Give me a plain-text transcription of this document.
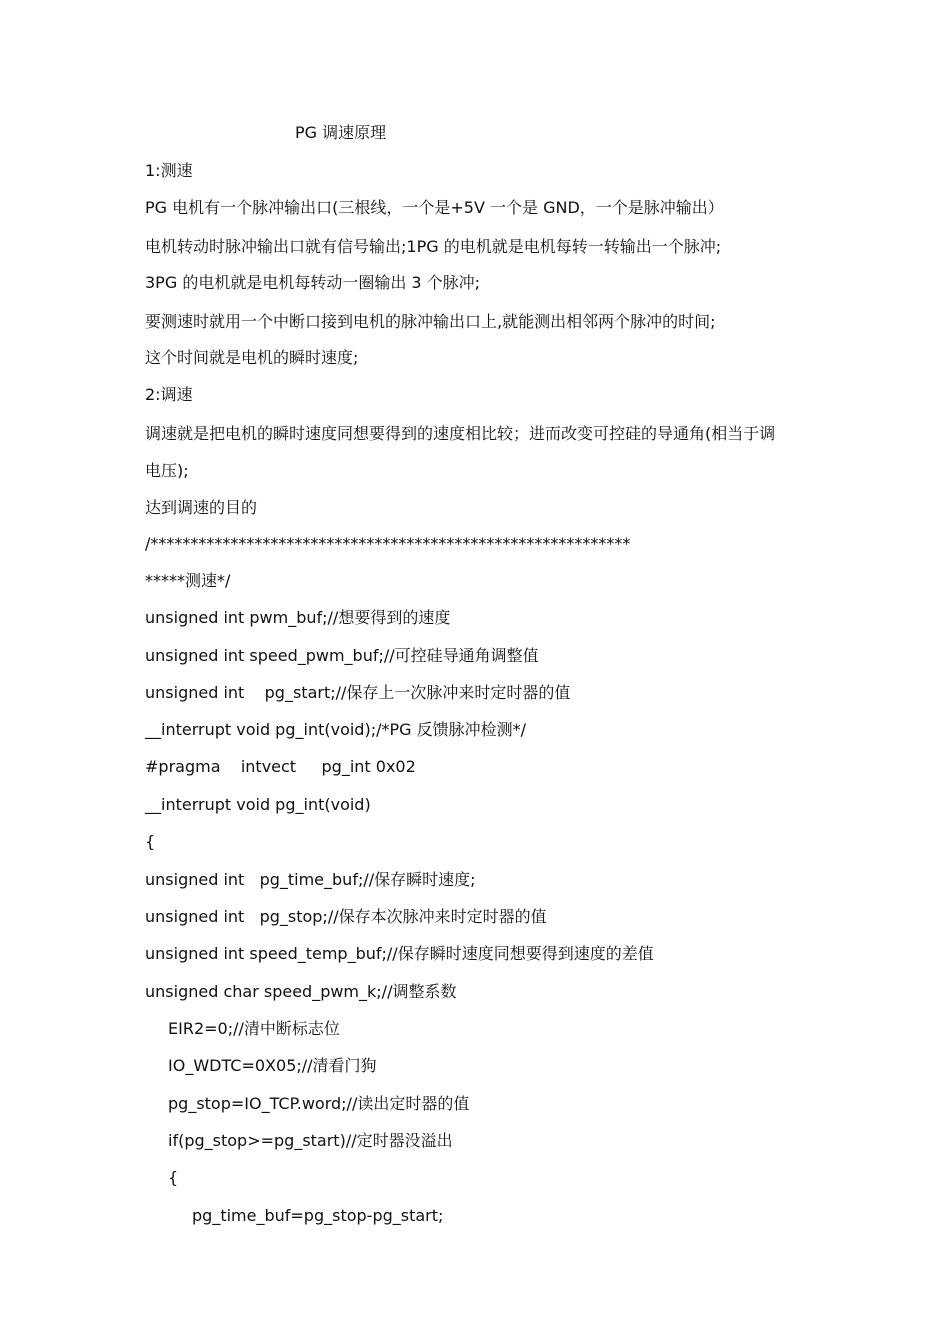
PG 调速原理
1:测速
PG 电机有一个脉冲输出口(三根线，一个是+5V 一个是 GND，一个是脉冲输出）
电机转动时脉冲输出口就有信号输出;1PG 的电机就是电机每转一转输出一个脉冲;
3PG 的电机就是电机每转动一圈输出 3 个脉冲;
要测速时就用一个中断口接到电机的脉冲输出口上,就能测出相邻两个脉冲的时间;
这个时间就是电机的瞬时速度;
2:调速
调速就是把电机的瞬时速度同想要得到的速度相比较；进而改变可控硅的导通角(相当于调
电压);
达到调速的目的
/************************************************************
*****测速*/
unsigned int pwm_buf;//想要得到的速度
unsigned int speed_pwm_buf;//可控硅导通角调整值
unsigned int    pg_start;//保存上一次脉冲来时定时器的值
__interrupt void pg_int(void);/*PG 反馈脉冲检测*/
#pragma    intvect     pg_int 0x02
__interrupt void pg_int(void)
{
unsigned int   pg_time_buf;//保存瞬时速度;
unsigned int   pg_stop;//保存本次脉冲来时定时器的值
unsigned int speed_temp_buf;//保存瞬时速度同想要得到速度的差值
unsigned char speed_pwm_k;//调整系数
EIR2=0;//清中断标志位
IO_WDTC=0X05;//清看门狗
pg_stop=IO_TCP.word;//读出定时器的值
if(pg_stop>=pg_start)//定时器没溢出
{
pg_time_buf=pg_stop-pg_start;
